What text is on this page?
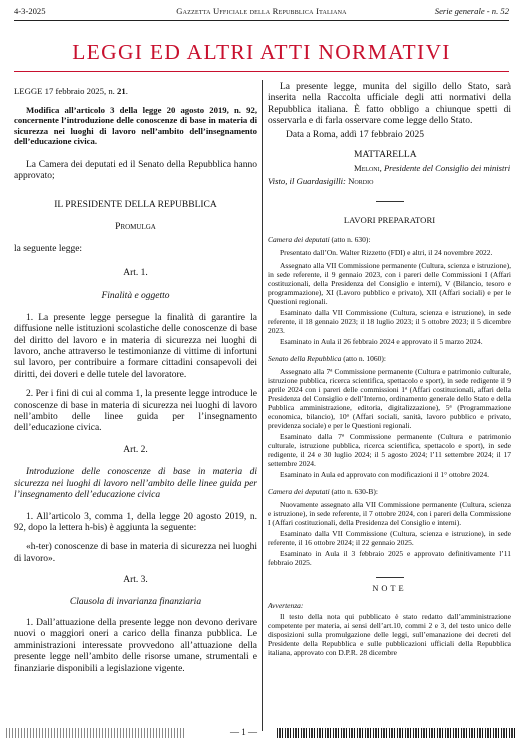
4-3-2025	Gazzetta Ufficiale della Repubblica Italiana	Serie generale - n. 52
LEGGI ED ALTRI ATTI NORMATIVI

LEGGE 17 febbraio 2025, n. 21.

Modifica all’articolo 3 della legge 20 agosto 2019, n. 92, concernente l’introduzione delle conoscenze di base in materia di sicurezza nei luoghi di lavoro nell’ambito dell’insegnamento dell’educazione civica.

La Camera dei deputati ed il Senato della Repubblica hanno approvato;

IL PRESIDENTE DELLA REPUBBLICA

Promulga

la seguente legge:

Art. 1.

Finalità e oggetto

1. La presente legge persegue la finalità di garantire la diffusione nelle istituzioni scolastiche delle conoscenze di base del diritto del lavoro e in materia di sicurezza nei luoghi di lavoro, anche attraverso le testimonianze di vittime di infortuni sul lavoro, per contribuire a formare cittadini consapevoli dei diritti, dei doveri e delle tutele del lavoratore.

2. Per i fini di cui al comma 1, la presente legge introduce le conoscenze di base in materia di sicurezza nei luoghi di lavoro nell’ambito delle linee guida per l’insegnamento dell’educazione civica.

Art. 2.

Introduzione delle conoscenze di base in materia di sicurezza nei luoghi di lavoro nell’ambito delle linee guida per l’insegnamento dell’educazione civica

1. All’articolo 3, comma 1, della legge 20 agosto 2019, n. 92, dopo la lettera h-bis) è aggiunta la seguente:

«h-ter) conoscenze di base in materia di sicurezza nei luoghi di lavoro».

Art. 3.

Clausola di invarianza finanziaria

1. Dall’attuazione della presente legge non devono derivare nuovi o maggiori oneri a carico della finanza pubblica. Le amministrazioni interessate provvedono all’attuazione della presente legge nell’ambito delle risorse umane, strumentali e finanziarie disponibili a legislazione vigente.

La presente legge, munita del sigillo dello Stato, sarà inserita nella Raccolta ufficiale degli atti normativi della Repubblica italiana. È fatto obbligo a chiunque spetti di osservarla e di farla osservare come legge dello Stato.

Data a Roma, addì 17 febbraio 2025

MATTARELLA

Meloni, Presidente del Consiglio dei ministri

Visto, il Guardasigilli: Nordio

LAVORI PREPARATORI

Camera dei deputati (atto n. 630):

Presentato dall’On. Walter Rizzetto (FDI) e altri, il 24 novembre 2022.

Assegnato alla VII Commissione permanente (Cultura, scienza e istruzione), in sede referente, il 9 gennaio 2023, con i pareri delle Commissioni I (Affari costituzionali, della Presidenza del Consiglio e interni), V (Bilancio, tesoro e programmazione), XI (Lavoro pubblico e privato), XII (Affari sociali) e per le Questioni regionali.

Esaminato dalla VII Commissione (Cultura, scienza e istruzione), in sede referente, il 18 gennaio 2023; il 18 luglio 2023; il 5 ottobre 2023; il 5 dicembre 2023.

Esaminato in Aula il 26 febbraio 2024 e approvato il 5 marzo 2024.

Senato della Repubblica (atto n. 1060):

Assegnato alla 7ª Commissione permanente (Cultura e patrimonio culturale, istruzione pubblica, ricerca scientifica, spettacolo e sport), in sede redigente il 9 aprile 2024 con i pareri delle commissioni 1ª (Affari costituzionali, affari della Presidenza del Consiglio e dell’Interno, ordinamento generale dello Stato e della Pubblica amministrazione, editoria, digitalizzazione), 5ª (Programmazione economica, bilancio), 10ª (Affari sociali, sanità, lavoro pubblico e privato, previdenza sociale) e per le Questioni regionali.

Esaminato dalla 7ª Commissione permanente (Cultura e patrimonio culturale, istruzione pubblica, ricerca scientifica, spettacolo e sport), in sede redigente, il 24 e 30 luglio 2024; il 5 agosto 2024; l’11 settembre 2024; il 17 settembre 2024.

Esaminato in Aula ed approvato con modificazioni il 1° ottobre 2024.

Camera dei deputati (atto n. 630-B):

Nuovamente assegnato alla VII Commissione permanente (Cultura, scienza e istruzione), in sede referente, il 7 ottobre 2024, con i pareri della Commissione I (Affari costituzionali, della Presidenza del Consiglio e interni).

Esaminato dalla VII Commissione (Cultura, scienza e istruzione), in sede referente, il 16 ottobre 2024; il 22 gennaio 2025.

Esaminato in Aula il 3 febbraio 2025 e approvato definitivamente l’11 febbraio 2025.

NOTE

Avvertenza:

Il testo della nota qui pubblicato è stato redatto dall’amministrazione competente per materia, ai sensi dell’art.10, commi 2 e 3, del testo unico delle disposizioni sulla promulgazione delle leggi, sull’emanazione dei decreti del Presidente della Repubblica e sulle pubblicazioni ufficiali della Repubblica italiana, approvato con D.P.R. 28 dicembre

— 1 —
